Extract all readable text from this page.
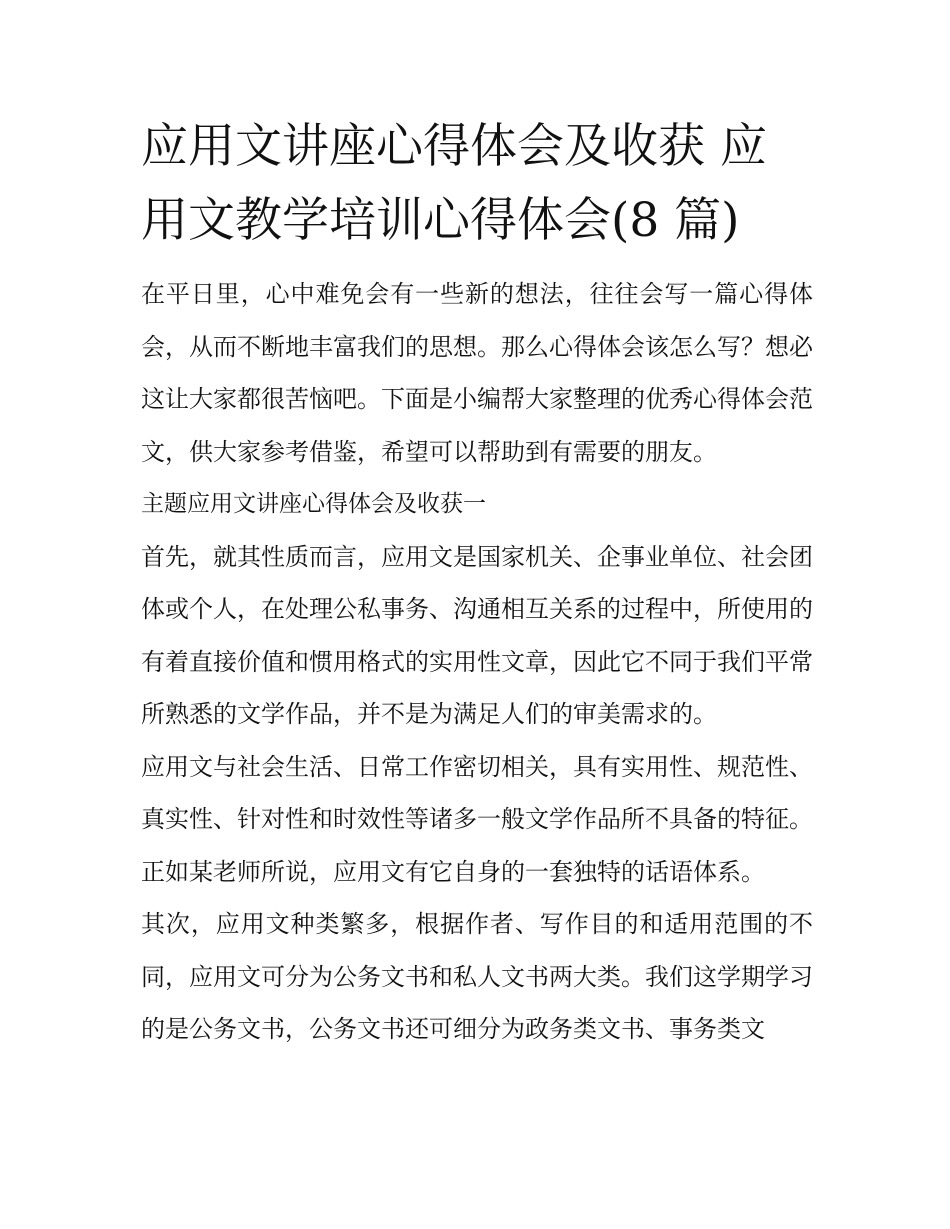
应用文讲座心得体会及收获 应用文教学培训心得体会(8 篇)

在平日里，心中难免会有一些新的想法，往往会写一篇心得体会，从而不断地丰富我们的思想。那么心得体会该怎么写？想必这让大家都很苦恼吧。下面是小编帮大家整理的优秀心得体会范文，供大家参考借鉴，希望可以帮助到有需要的朋友。

主题应用文讲座心得体会及收获一

首先，就其性质而言，应用文是国家机关、企事业单位、社会团体或个人，在处理公私事务、沟通相互关系的过程中，所使用的有着直接价值和惯用格式的实用性文章，因此它不同于我们平常所熟悉的文学作品，并不是为满足人们的审美需求的。

应用文与社会生活、日常工作密切相关，具有实用性、规范性、真实性、针对性和时效性等诸多一般文学作品所不具备的特征。正如某老师所说，应用文有它自身的一套独特的话语体系。

其次，应用文种类繁多，根据作者、写作目的和适用范围的不同，应用文可分为公务文书和私人文书两大类。我们这学期学习的是公务文书，公务文书还可细分为政务类文书、事务类文
